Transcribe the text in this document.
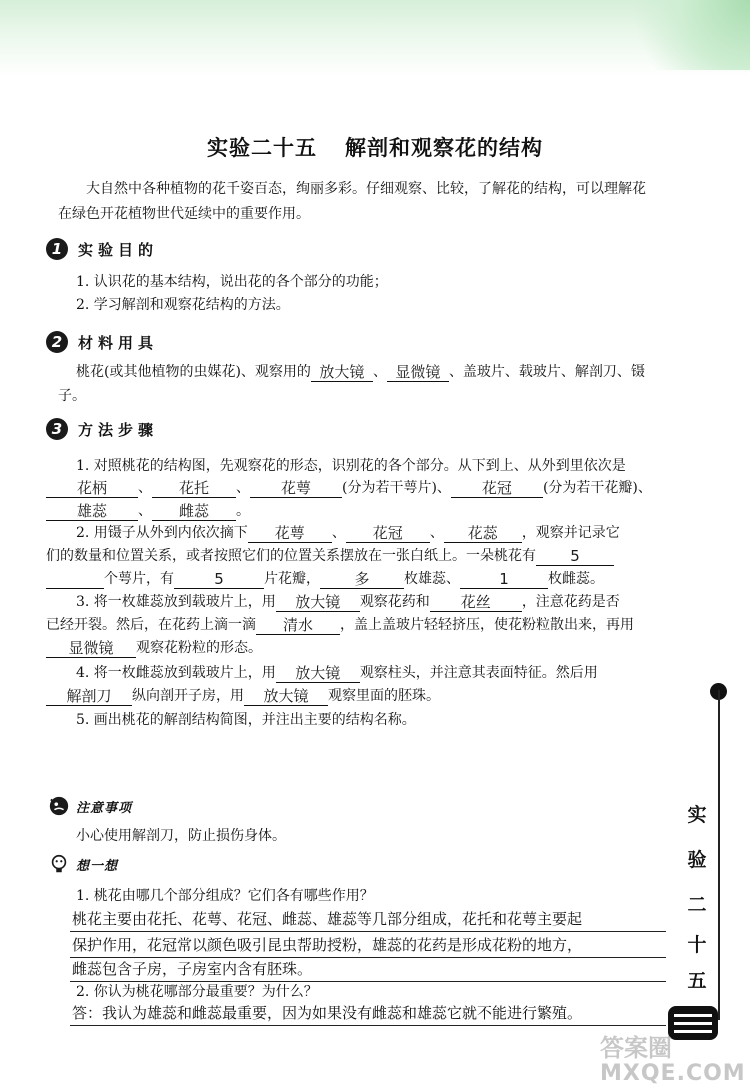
实验二十五 解剖和观察花的结构
大自然中各种植物的花千姿百态，绚丽多彩。仔细观察、比较，了解花的结构，可以理解花
在绿色开花植物世代延续中的重要作用。
1	实验目的
1. 认识花的基本结构，说出花的各个部分的功能；
2. 学习解剖和观察花结构的方法。
2	材料用具
桃花(或其他植物的虫媒花)、观察用的 放大镜 、 显微镜 、盖玻片、载玻片、解剖刀、镊
子。
3	方法步骤
1. 对照桃花的结构图，先观察花的形态，识别花的各个部分。从下到上、从外到里依次是
花柄 、 花托 、 花萼 (分为若干萼片)、 花冠 (分为若干花瓣)、
雄蕊 、 雌蕊 。
2. 用镊子从外到内依次摘下 花萼 、 花冠 、 花蕊 ，观察并记录它
们的数量和位置关系，或者按照它们的位置关系摆放在一张白纸上。一朵桃花有 5
个萼片，有	5	片花瓣， 多 枚雄蕊、	1	枚雌蕊。
3. 将一枚雄蕊放到载玻片上，用 放大镜 观察花药和 花丝 ，注意花药是否
已经开裂。然后，在花药上滴一滴 清水 ，盖上盖玻片轻轻挤压，使花粉粒散出来，再用
显微镜 观察花粉粒的形态。
4. 将一枚雌蕊放到载玻片上，用 放大镜 观察柱头，并注意其表面特征。然后用
解剖刀 纵向剖开子房，用 放大镜 观察里面的胚珠。
5. 画出桃花的解剖结构简图，并注出主要的结构名称。
注意事项
小心使用解剖刀，防止损伤身体。
想一想
1. 桃花由哪几个部分组成？它们各有哪些作用？
桃花主要由花托、花萼、花冠、雌蕊、雄蕊等几部分组成，花托和花萼主要起
保护作用，花冠常以颜色吸引昆虫帮助授粉，雄蕊的花药是形成花粉的地方，
雌蕊包含子房，子房室内含有胚珠。
2. 你认为桃花哪部分最重要？为什么？
答：我认为雄蕊和雌蕊最重要，因为如果没有雌蕊和雄蕊它就不能进行繁殖。
实
验
二
十
五
答案圈
MXQE.COM
